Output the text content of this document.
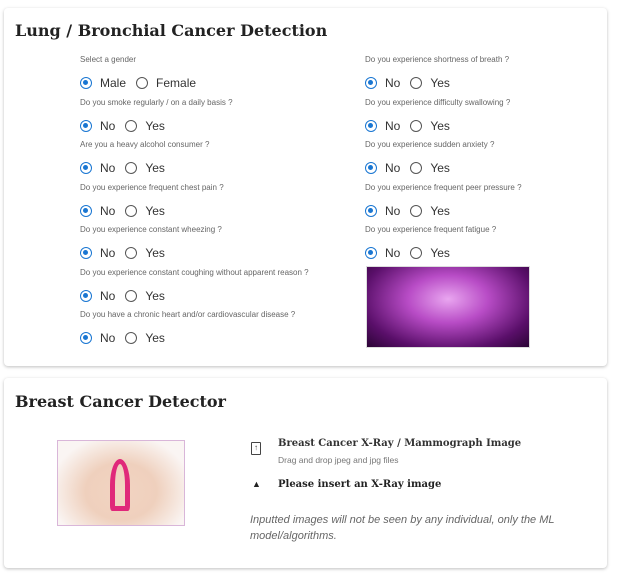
Lung / Bronchial Cancer Detection
Select a gender
Male	Female
Do you smoke regularly / on a daily basis ?
No	Yes
Are you a heavy alcohol consumer ?
No	Yes
Do you experience frequent chest pain ?
No	Yes
Do you experience constant wheezing ?
No	Yes
Do you experience constant coughing without apparent reason ?
No	Yes
Do you have a chronic heart and/or cardiovascular disease ?
No	Yes
Do you experience shortness of breath ?
No	Yes
Do you experience difficulty swallowing ?
No	Yes
Do you experience sudden anxiety ?
No	Yes
Do you experience frequent peer pressure ?
No	Yes
Do you experience frequent fatigue ?
No	Yes
Breast Cancer Detector
↑	Breast Cancer X-Ray / Mammograph Image
Drag and drop jpeg and jpg files
▲ Please insert an X-Ray image
Inputted images will not be seen by any individual, only the ML model/algorithms.
